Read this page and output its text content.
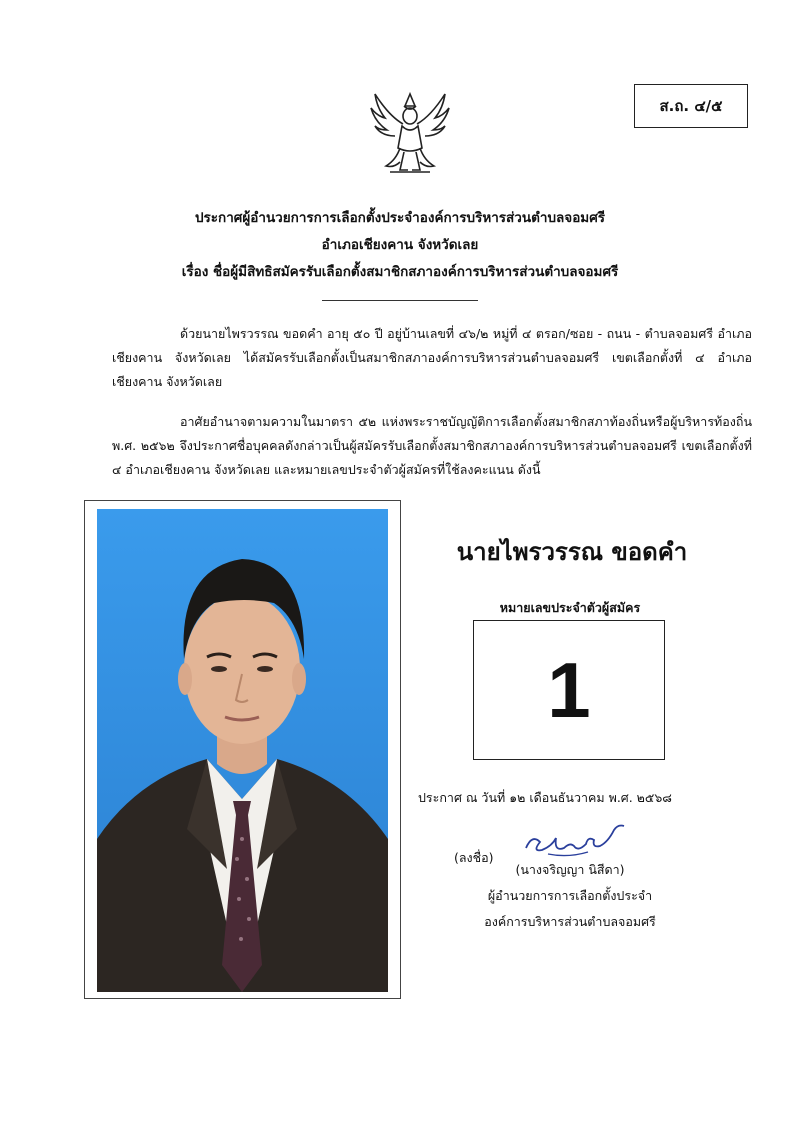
ส.ถ. ๔/๕
ประกาศผู้อำนวยการการเลือกตั้งประจำองค์การบริหารส่วนตำบลจอมศรี
อำเภอเชียงคาน จังหวัดเลย
เรื่อง ชื่อผู้มีสิทธิสมัครรับเลือกตั้งสมาชิกสภาองค์การบริหารส่วนตำบลจอมศรี
ด้วยนายไพรวรรณ ขอดคำ อายุ ๕๐ ปี อยู่บ้านเลขที่ ๔๖/๒ หมู่ที่ ๔ ตรอก/ซอย - ถนน - ตำบลจอมศรี อำเภอเชียงคาน จังหวัดเลย ได้สมัครรับเลือกตั้งเป็นสมาชิกสภาองค์การบริหารส่วนตำบลจอมศรี เขตเลือกตั้งที่ ๔ อำเภอเชียงคาน จังหวัดเลย
อาศัยอำนาจตามความในมาตรา ๕๒ แห่งพระราชบัญญัติการเลือกตั้งสมาชิกสภาท้องถิ่นหรือผู้บริหารท้องถิ่น พ.ศ. ๒๕๖๒ จึงประกาศชื่อบุคคลดังกล่าวเป็นผู้สมัครรับเลือกตั้งสมาชิกสภาองค์การบริหารส่วนตำบลจอมศรี เขตเลือกตั้งที่ ๔ อำเภอเชียงคาน จังหวัดเลย และหมายเลขประจำตัวผู้สมัครที่ใช้ลงคะแนน ดังนี้
นายไพรวรรณ ขอดคำ
หมายเลขประจำตัวผู้สมัคร
1
ประกาศ ณ วันที่ ๑๒ เดือนธันวาคม พ.ศ. ๒๕๖๘
(ลงชื่อ)
(นางจริญญา นิสีดา)
ผู้อำนวยการการเลือกตั้งประจำ
องค์การบริหารส่วนตำบลจอมศรี
